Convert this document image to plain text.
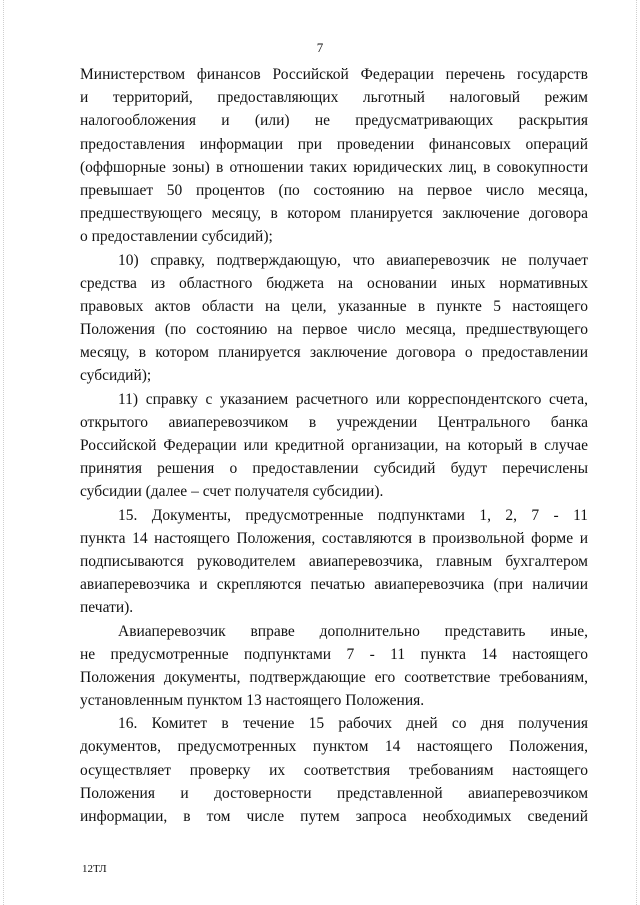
7
Министерством финансов Российской Федерации перечень государств
и территорий, предоставляющих льготный налоговый режим
налогообложения и (или) не предусматривающих раскрытия
предоставления информации при проведении финансовых операций
(оффшорные зоны) в отношении таких юридических лиц, в совокупности
превышает 50 процентов (по состоянию на первое число месяца,
предшествующего месяцу, в котором планируется заключение договора
о предоставлении субсидий);
10) справку, подтверждающую, что авиаперевозчик не получает
средства из областного бюджета на основании иных нормативных
правовых актов области на цели, указанные в пункте 5 настоящего
Положения (по состоянию на первое число месяца, предшествующего
месяцу, в котором планируется заключение договора о предоставлении
субсидий);
11) справку с указанием расчетного или корреспондентского счета,
открытого авиаперевозчиком в учреждении Центрального банка
Российской Федерации или кредитной организации, на который в случае
принятия решения о предоставлении субсидий будут перечислены
субсидии (далее – счет получателя субсидии).
15. Документы, предусмотренные подпунктами 1, 2, 7 - 11
пункта 14 настоящего Положения, составляются в произвольной форме и
подписываются руководителем авиаперевозчика, главным бухгалтером
авиаперевозчика и скрепляются печатью авиаперевозчика (при наличии
печати).
Авиаперевозчик вправе дополнительно представить иные,
не предусмотренные подпунктами 7 - 11 пункта 14 настоящего
Положения документы, подтверждающие его соответствие требованиям,
установленным пунктом 13 настоящего Положения.
16. Комитет в течение 15 рабочих дней со дня получения
документов, предусмотренных пунктом 14 настоящего Положения,
осуществляет проверку их соответствия требованиям настоящего
Положения и достоверности представленной авиаперевозчиком
информации, в том числе путем запроса необходимых сведений
12ТЛ
